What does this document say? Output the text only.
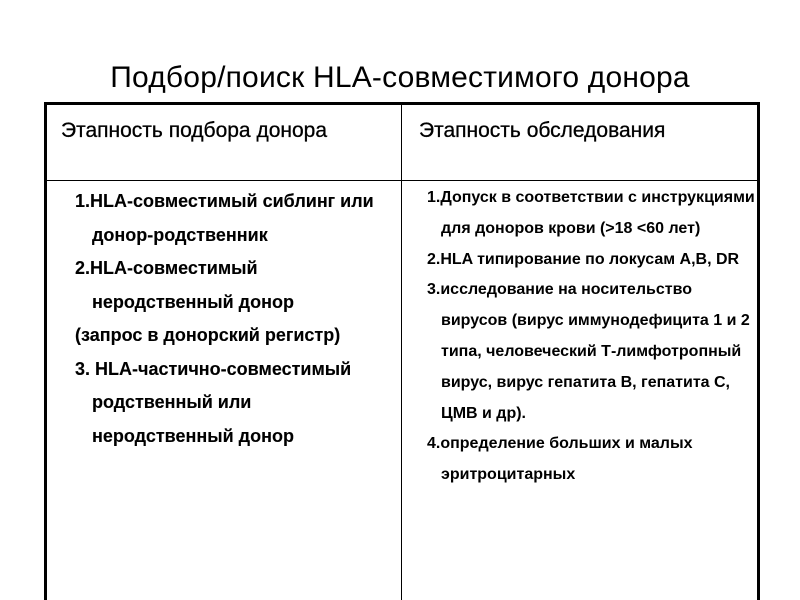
Подбор/поиск HLA-совместимого донора
Этапность подбора донора	Этапность обследования

1.HLA-совместимый сиблинг или донор-родственник

2.HLA-совместимый неродственный донор

(запрос в донорский регистр)

3. HLA-частично-совместимый родственный или неродственный донор

1.Допуск в соответствии с инструкциями для доноров крови (>18 <60 лет)

2.HLA типирование по локусам A,B, DR

3.исследование на носительство вирусов (вирус иммунодефицита 1 и 2 типа, человеческий Т-лимфотропный вирус, вирус гепатита В, гепатита С, ЦМВ и др).

4.определение больших и малых эритроцитарных
